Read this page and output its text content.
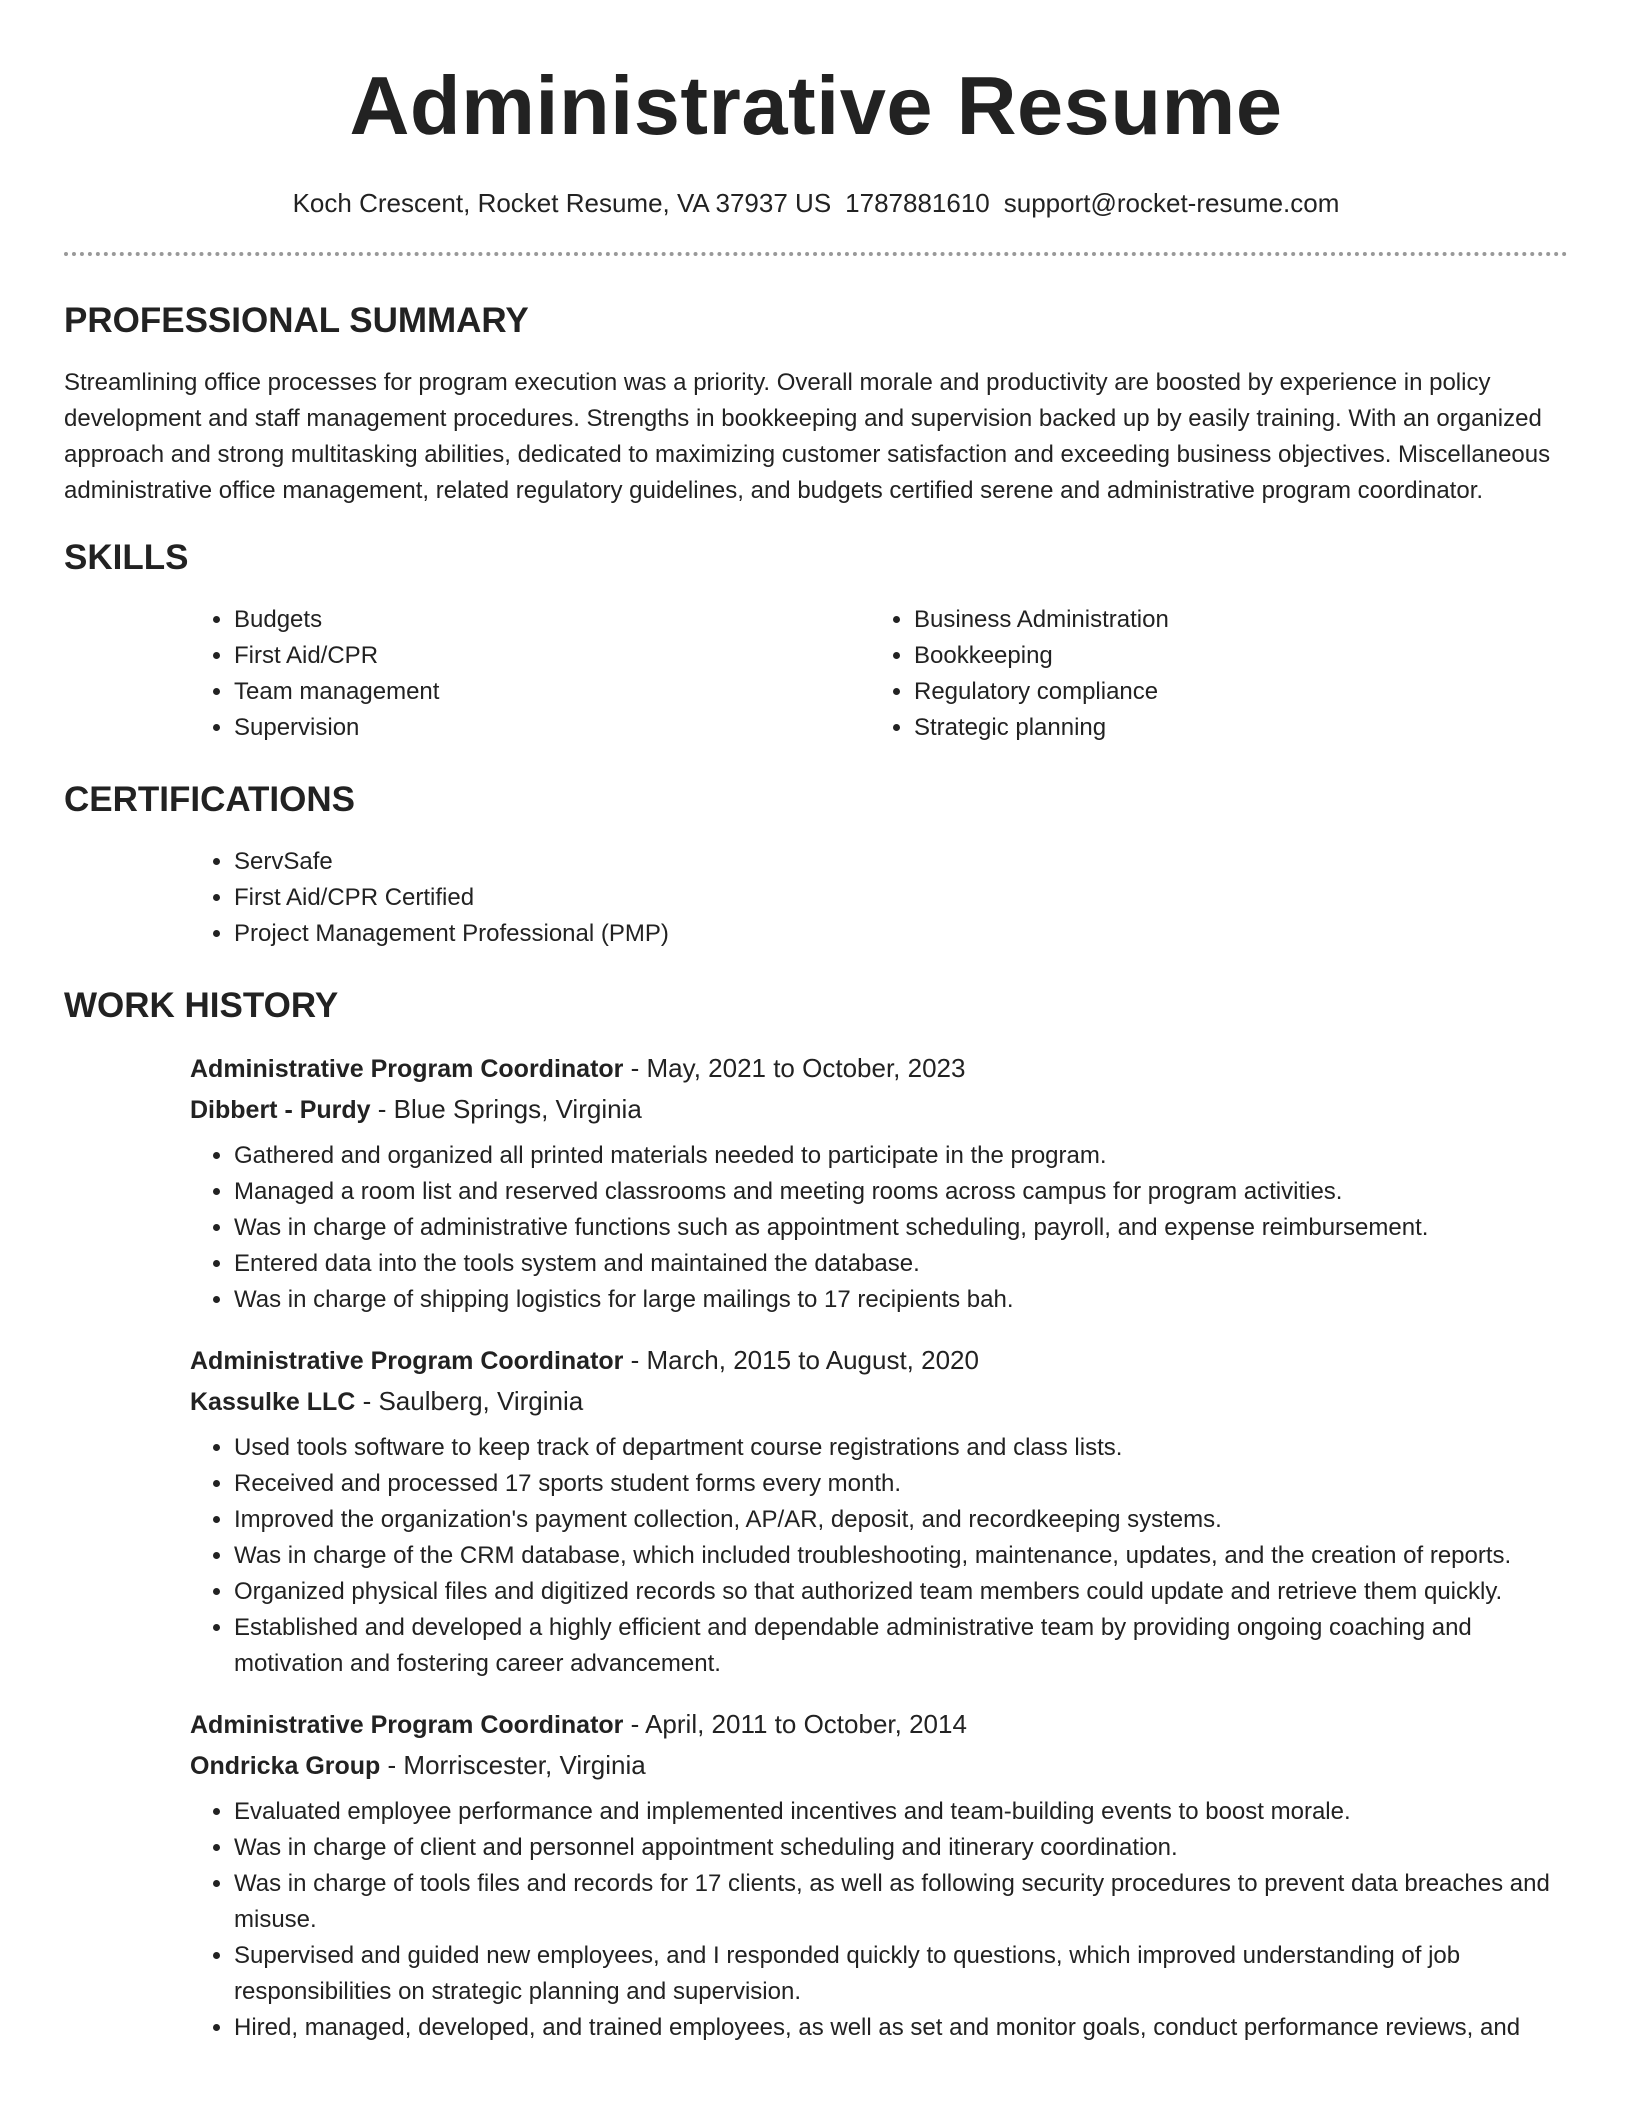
Administrative Resume
Koch Crescent, Rocket Resume, VA 37937 US 1787881610 support@rocket-resume.com
PROFESSIONAL SUMMARY

Streamlining office processes for program execution was a priority. Overall morale and productivity are boosted by experience in policy development and staff management procedures. Strengths in bookkeeping and supervision backed up by easily training. With an organized approach and strong multitasking abilities, dedicated to maximizing customer satisfaction and exceeding business objectives. Miscellaneous administrative office management, related regulatory guidelines, and budgets certified serene and administrative program coordinator.

SKILLS
• Budgets
• First Aid/CPR
• Team management
• Supervision
• Business Administration
• Bookkeeping
• Regulatory compliance
• Strategic planning
CERTIFICATIONS
• ServSafe
• First Aid/CPR Certified
• Project Management Professional (PMP)
WORK HISTORY
Administrative Program Coordinator - May, 2021 to October, 2023
Dibbert - Purdy - Blue Springs, Virginia
• Gathered and organized all printed materials needed to participate in the program.
• Managed a room list and reserved classrooms and meeting rooms across campus for program activities.
• Was in charge of administrative functions such as appointment scheduling, payroll, and expense reimbursement.
• Entered data into the tools system and maintained the database.
• Was in charge of shipping logistics for large mailings to 17 recipients bah.
Administrative Program Coordinator - March, 2015 to August, 2020
Kassulke LLC - Saulberg, Virginia
• Used tools software to keep track of department course registrations and class lists.
• Received and processed 17 sports student forms every month.
• Improved the organization's payment collection, AP/AR, deposit, and recordkeeping systems.
• Was in charge of the CRM database, which included troubleshooting, maintenance, updates, and the creation of reports.
• Organized physical files and digitized records so that authorized team members could update and retrieve them quickly.
• Established and developed a highly efficient and dependable administrative team by providing ongoing coaching and motivation and fostering career advancement.
Administrative Program Coordinator - April, 2011 to October, 2014
Ondricka Group - Morriscester, Virginia
• Evaluated employee performance and implemented incentives and team-building events to boost morale.
• Was in charge of client and personnel appointment scheduling and itinerary coordination.
• Was in charge of tools files and records for 17 clients, as well as following security procedures to prevent data breaches and misuse.
• Supervised and guided new employees, and I responded quickly to questions, which improved understanding of job responsibilities on strategic planning and supervision.
• Hired, managed, developed, and trained employees, as well as set and monitor goals, conduct performance reviews, and
